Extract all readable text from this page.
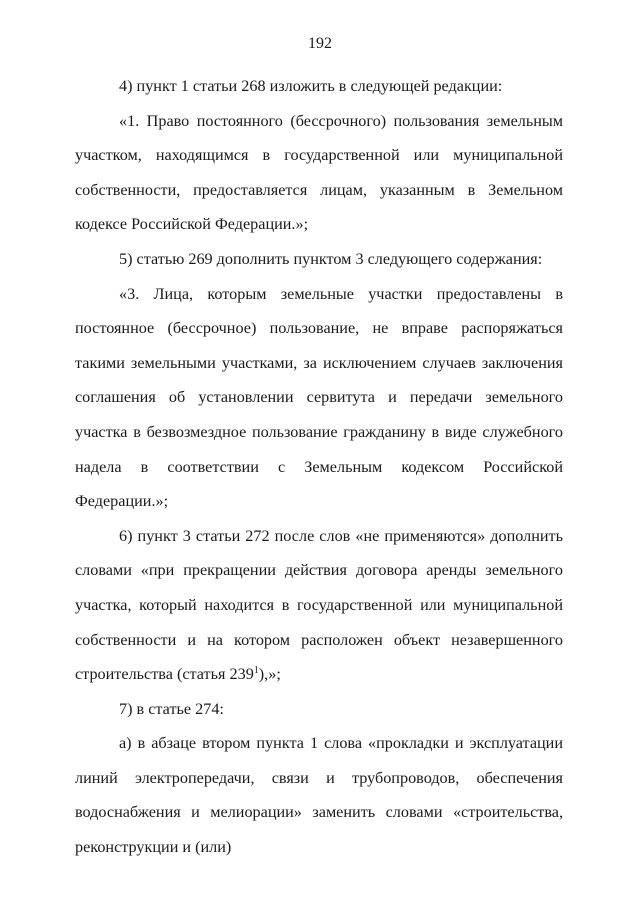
192

4) пункт 1 статьи 268 изложить в следующей редакции:

«1. Право постоянного (бессрочного) пользования земельным участком, находящимся в государственной или муниципальной собственности, предоставляется лицам, указанным в Земельном кодексе Российской Федерации.»;

5) статью 269 дополнить пунктом 3 следующего содержания:

«3. Лица, которым земельные участки предоставлены в постоянное (бессрочное) пользование, не вправе распоряжаться такими земельными участками, за исключением случаев заключения соглашения об установлении сервитута и передачи земельного участка в безвозмездное пользование гражданину в виде служебного надела в соответствии с Земельным кодексом Российской Федерации.»;

6) пункт 3 статьи 272 после слов «не применяются» дополнить словами «при прекращении действия договора аренды земельного участка, который находится в государственной или муниципальной собственности и на котором расположен объект незавершенного строительства (статья $239^1$),»;

7) в статье 274:

а) в абзаце втором пункта 1 слова «прокладки и эксплуатации линий электропередачи, связи и трубопроводов, обеспечения водоснабжения и мелиорации» заменить словами «строительства, реконструкции и (или)
